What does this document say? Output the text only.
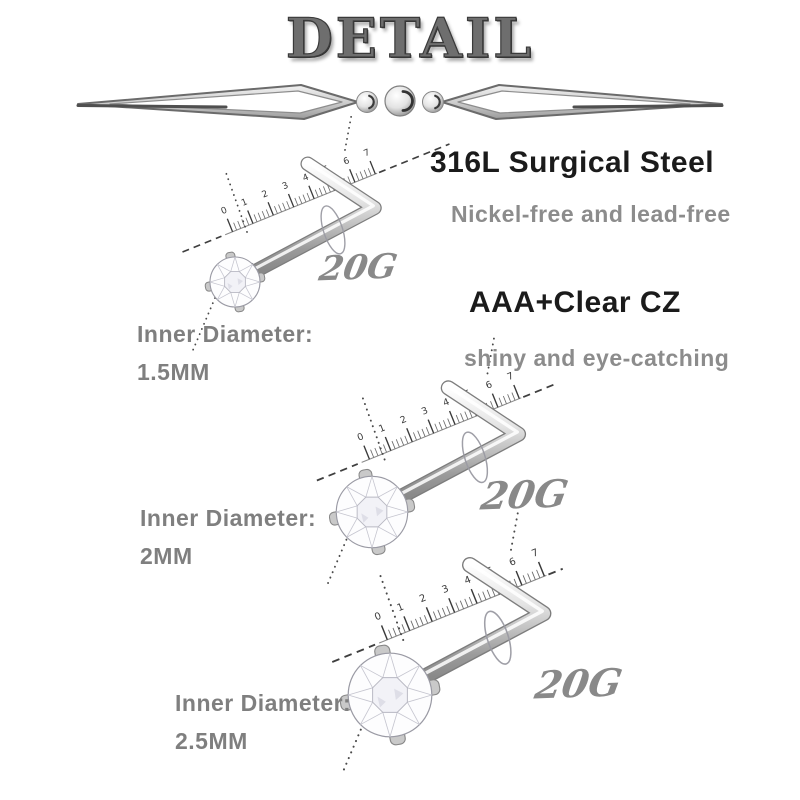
DETAIL
0
1
2
3
4
5
6
7
0
1
2
3
4
5
6
7
0
1
2
3
4
5
6
7
316L Surgical Steel
Nickel-free and lead-free
AAA+Clear CZ
shiny and eye-catching
20G
20G
20G
Inner Diameter:
1.5MM
Inner Diameter:
2MM
Inner Diameter:
2.5MM
